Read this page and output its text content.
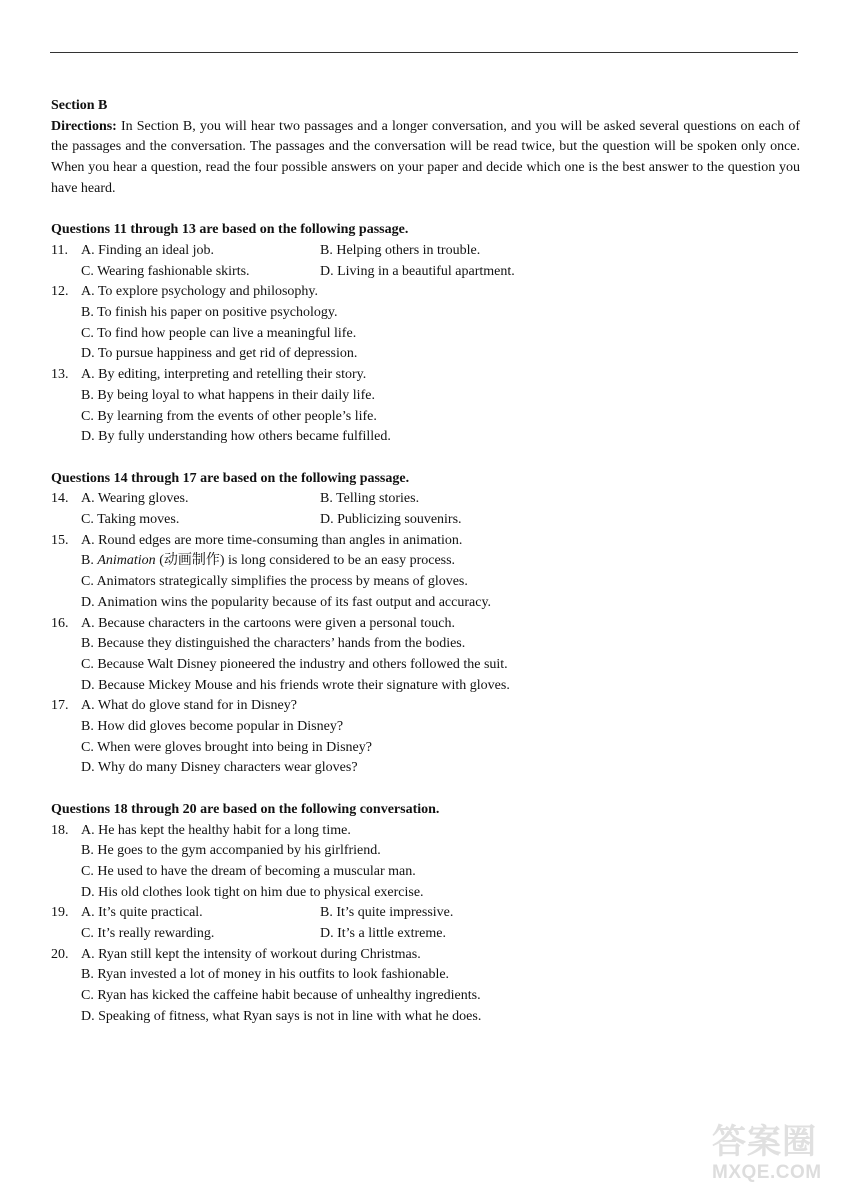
Section B
Directions: In Section B, you will hear two passages and a longer conversation, and you will be asked several questions on each of the passages and the conversation. The passages and the conversation will be read twice, but the question will be spoken only once. When you hear a question, read the four possible answers on your paper and decide which one is the best answer to the question you have heard.
Questions 11 through 13 are based on the following passage.
11. A. Finding an ideal job.	B. Helping others in trouble.
C. Wearing fashionable skirts.	D. Living in a beautiful apartment.
12. A. To explore psychology and philosophy.
B. To finish his paper on positive psychology.
C. To find how people can live a meaningful life.
D. To pursue happiness and get rid of depression.
13. A. By editing, interpreting and retelling their story.
B. By being loyal to what happens in their daily life.
C. By learning from the events of other people’s life.
D. By fully understanding how others became fulfilled.
Questions 14 through 17 are based on the following passage.
14. A. Wearing gloves.	B. Telling stories.
C. Taking moves.	D. Publicizing souvenirs.
15. A. Round edges are more time-consuming than angles in animation.
B. Animation (动画制作) is long considered to be an easy process.
C. Animators strategically simplifies the process by means of gloves.
D. Animation wins the popularity because of its fast output and accuracy.
16. A. Because characters in the cartoons were given a personal touch.
B. Because they distinguished the characters’ hands from the bodies.
C. Because Walt Disney pioneered the industry and others followed the suit.
D. Because Mickey Mouse and his friends wrote their signature with gloves.
17. A. What do glove stand for in Disney?
B. How did gloves become popular in Disney?
C. When were gloves brought into being in Disney?
D. Why do many Disney characters wear gloves?
Questions 18 through 20 are based on the following conversation.
18. A. He has kept the healthy habit for a long time.
B. He goes to the gym accompanied by his girlfriend.
C. He used to have the dream of becoming a muscular man.
D. His old clothes look tight on him due to physical exercise.
19. A. It’s quite practical.	B. It’s quite impressive.
C. It’s really rewarding.	D. It’s a little extreme.
20. A. Ryan still kept the intensity of workout during Christmas.
B. Ryan invested a lot of money in his outfits to look fashionable.
C. Ryan has kicked the caffeine habit because of unhealthy ingredients.
D. Speaking of fitness, what Ryan says is not in line with what he does.
答案圈
MXQE.COM
